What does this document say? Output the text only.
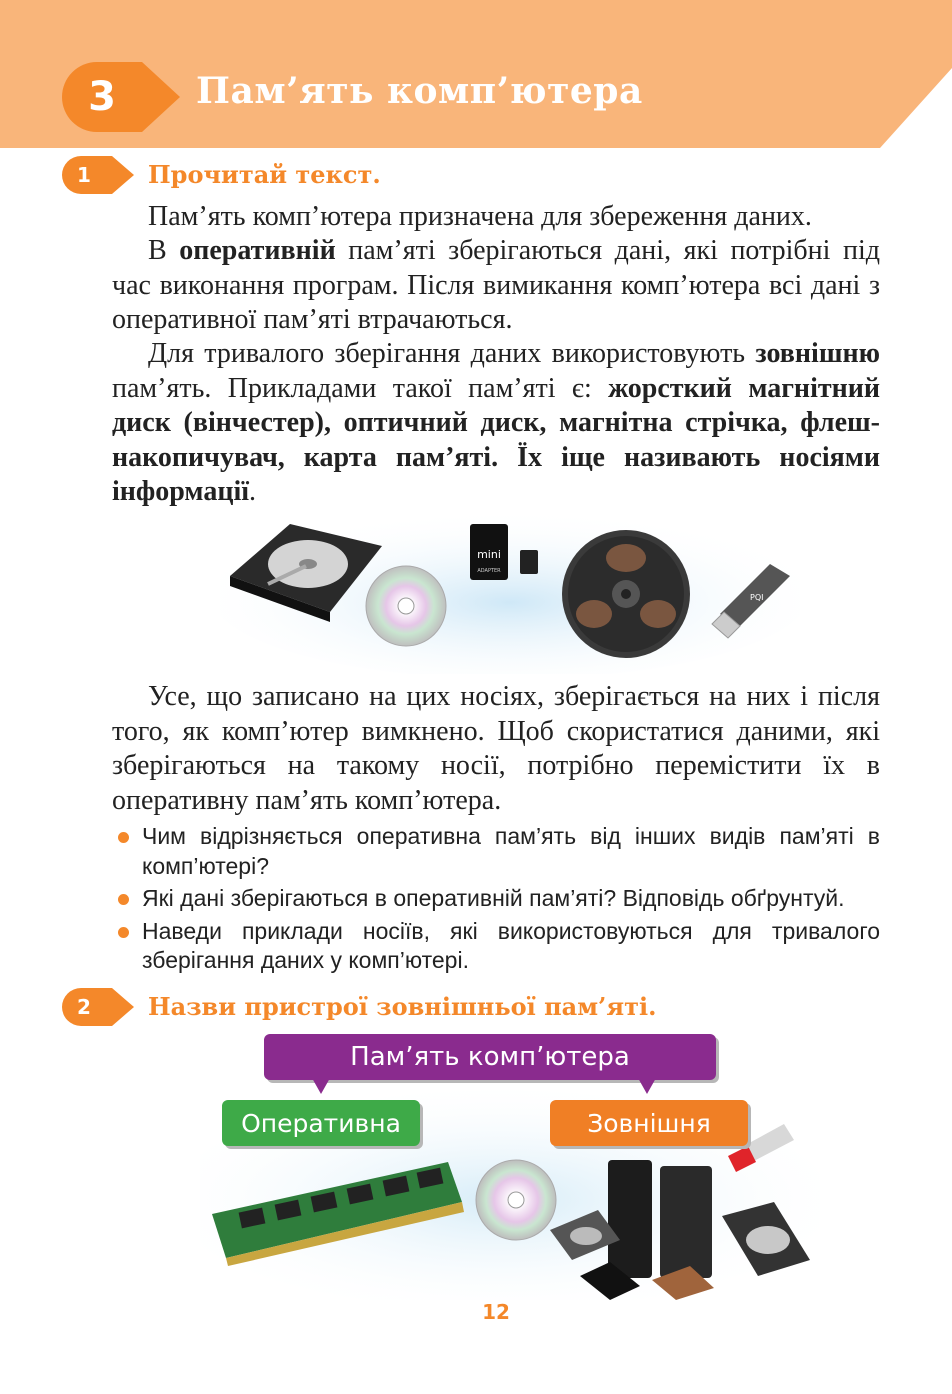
3	Пам’ять комп’ютера
1	Прочитай текст.

Пам’ять комп’ютера призначена для збереження даних.

В оперативній пам’яті зберігаються дані, які потрібні під час виконання програм. Після вимикання комп’ютера всі дані з оперативної пам’яті втрачаються.

Для тривалого зберігання даних використовують зовнішню пам’ять. Прикладами такої пам’яті є: жорсткий магнітний диск (вінчестер), оптичний диск, магнітна стрічка, флеш-накопичувач, карта пам’яті. Їх іще називають носіями інформації.

mini
ADAPTER
PQI

Усе, що записано на цих носіях, зберігається на них і після того, як комп’ютер вимкнено. Щоб скористатися даними, які зберігаються на такому носії, потрібно перемістити їх в оперативну пам’ять комп’ютера.

Чим відрізняється оперативна пам’ять від інших видів пам’яті в комп’ютері?
Які дані зберігаються в оперативній пам’яті? Відповідь обґрунтуй.
Наведи приклади носіїв, які використовуються для тривалого зберігання даних у комп’ютері.
2	Назви пристрої зовнішньої пам’яті.
Пам’ять комп’ютера
Оперативна	Зовнішня
12
